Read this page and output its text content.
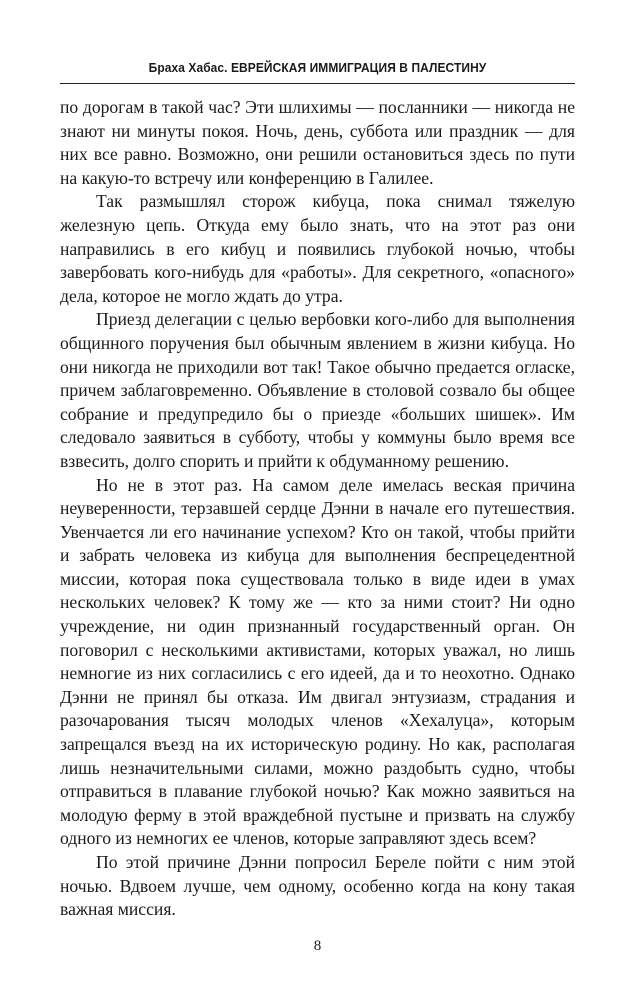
Браха Хабас. ЕВРЕЙСКАЯ ИММИГРАЦИЯ В ПАЛЕСТИНУ

по дорогам в такой час? Эти шлихимы — посланники — никогда не знают ни минуты покоя. Ночь, день, суббота или праздник — для них все равно. Возможно, они решили остановиться здесь по пути на какую-то встречу или конференцию в Галилее.

Так размышлял сторож кибуца, пока снимал тяжелую железную цепь. Откуда ему было знать, что на этот раз они направились в его кибуц и появились глубокой ночью, чтобы завербовать кого-нибудь для «работы». Для секретного, «опасного» дела, которое не могло ждать до утра.

Приезд делегации с целью вербовки кого-либо для выполнения общинного поручения был обычным явлением в жизни кибуца. Но они никогда не приходили вот так! Такое обычно предается огласке, причем заблаговременно. Объявление в столовой созвало бы общее собрание и предупредило бы о приезде «больших шишек». Им следовало заявиться в субботу, чтобы у коммуны было время все взвесить, долго спорить и прийти к обдуманному решению.

Но не в этот раз. На самом деле имелась веская причина неуверенности, терзавшей сердце Дэнни в начале его путешествия. Увенчается ли его начинание успехом? Кто он такой, чтобы прийти и забрать человека из кибуца для выполнения беспрецедентной миссии, которая пока существовала только в виде идеи в умах нескольких человек? К тому же — кто за ними стоит? Ни одно учреждение, ни один признанный государственный орган. Он поговорил с несколькими активистами, которых уважал, но лишь немногие из них согласились с его идеей, да и то неохотно. Однако Дэнни не принял бы отказа. Им двигал энтузиазм, страдания и разочарования тысяч молодых членов «Хехалуца», которым запрещался въезд на их историческую родину. Но как, располагая лишь незначительными силами, можно раздобыть судно, чтобы отправиться в плавание глубокой ночью? Как можно заявиться на молодую ферму в этой враждебной пустыне и призвать на службу одного из немногих ее членов, которые заправляют здесь всем?

По этой причине Дэнни попросил Береле пойти с ним этой ночью. Вдвоем лучше, чем одному, особенно когда на кону такая важная миссия.

8
